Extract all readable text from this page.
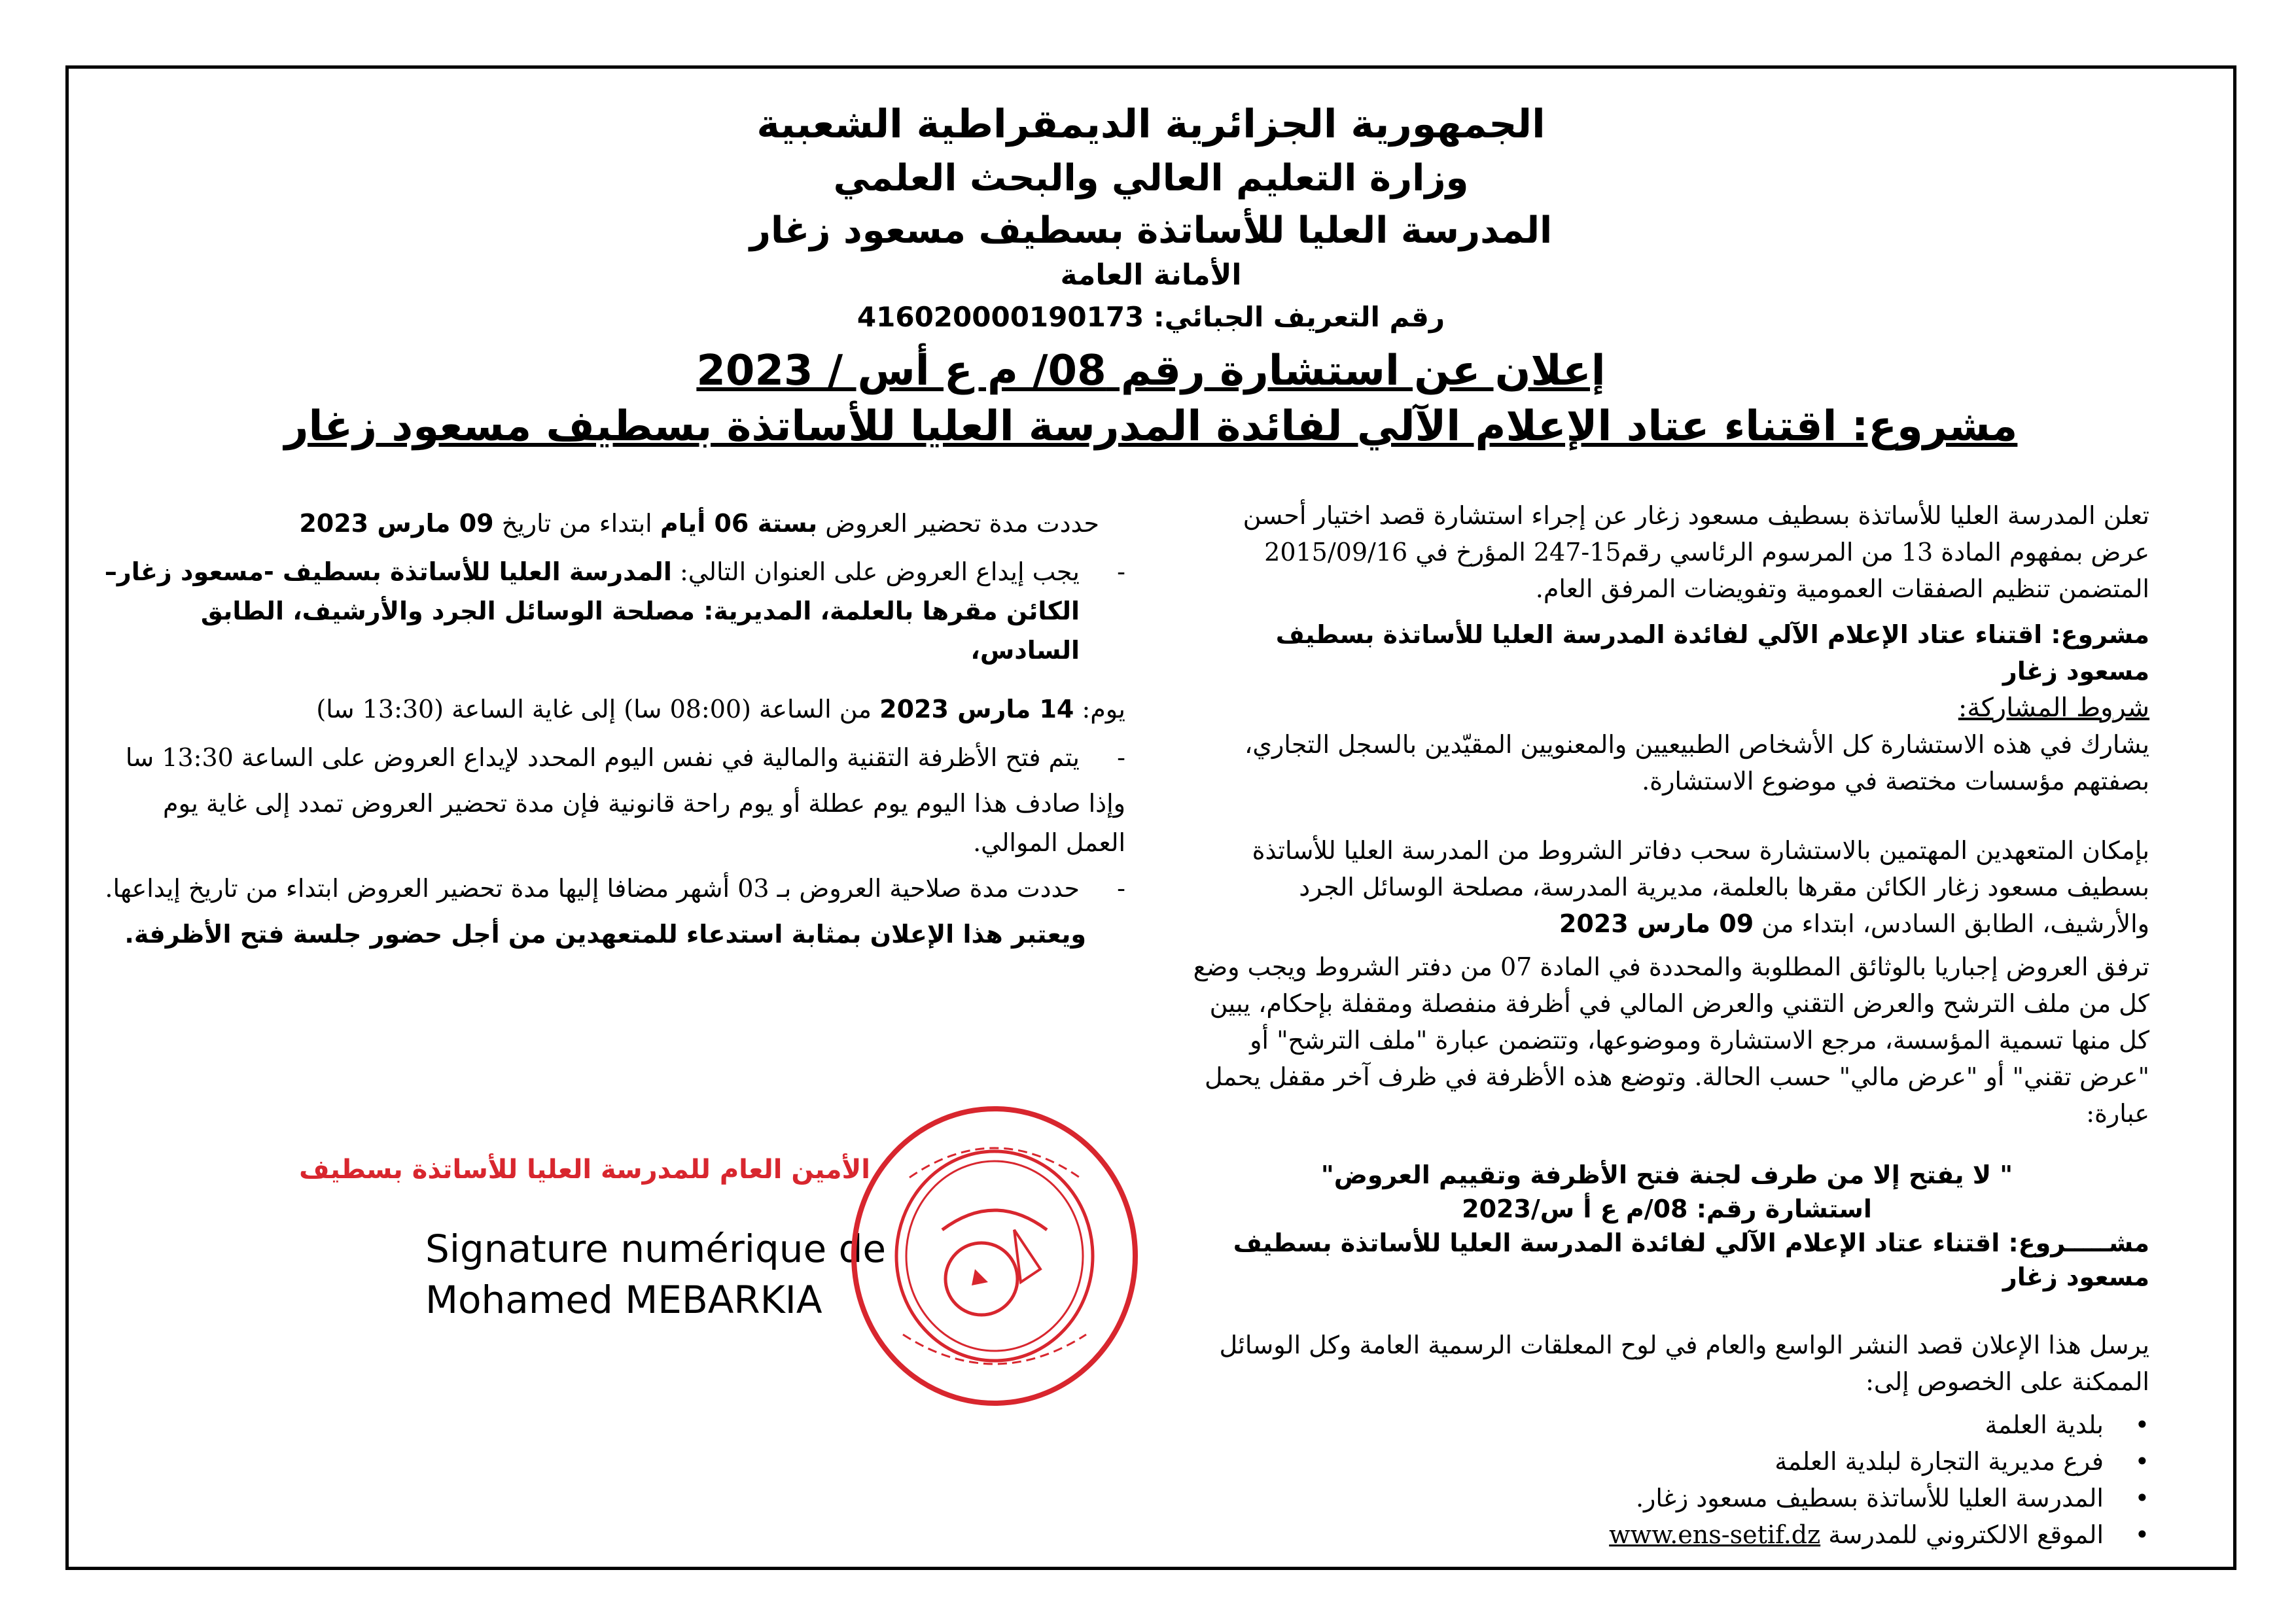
الجمهورية الجزائرية الديمقراطية الشعبية
وزارة التعليم العالي والبحث العلمي
المدرسة العليا للأساتذة بسطيف مسعود زغار
الأمانة العامة
رقم التعريف الجبائي: 416020000190173
إعلان عن استشارة رقم 08/ م ع أس / 2023
مشروع: اقتناء عتاد الإعلام الآلي لفائدة المدرسة العليا للأساتذة بسطيف مسعود زغار

تعلن المدرسة العليا للأساتذة بسطيف مسعود زغار عن إجراء استشارة قصد اختيار أحسن عرض بمفهوم المادة 13 من المرسوم الرئاسي رقم15-247 المؤرخ في 2015/09/16 المتضمن تنظيم الصفقات العمومية وتفويضات المرفق العام.

مشروع: اقتناء عتاد الإعلام الآلي لفائدة المدرسة العليا للأساتذة بسطيف مسعود زغار

شروط المشاركة:

يشارك في هذه الاستشارة كل الأشخاص الطبيعيين والمعنويين المقيّدين بالسجل التجاري، بصفتهم مؤسسات مختصة في موضوع الاستشارة.

بإمكان المتعهدين المهتمين بالاستشارة سحب دفاتر الشروط من المدرسة العليا للأساتذة بسطيف مسعود زغار الكائن مقرها بالعلمة، مديرية المدرسة، مصلحة الوسائل الجرد والأرشيف، الطابق السادس، ابتداء من 09 مارس 2023

ترفق العروض إجباريا بالوثائق المطلوبة والمحددة في المادة 07 من دفتر الشروط ويجب وضع كل من ملف الترشح والعرض التقني والعرض المالي في أظرفة منفصلة ومقفلة بإحكام، يبين كل منها تسمية المؤسسة، مرجع الاستشارة وموضوعها، وتتضمن عبارة "ملف الترشح" أو "عرض تقني" أو "عرض مالي" حسب الحالة. وتوضع هذه الأظرفة في ظرف آخر مقفل يحمل عبارة:

" لا يفتح إلا من طرف لجنة فتح الأظرفة وتقييم العروض"

استشارة رقم: 08/م ع أ س/2023

مشـــــروع: اقتناء عتاد الإعلام الآلي لفائدة المدرسة العليا للأساتذة بسطيف مسعود زغار

يرسل هذا الإعلان قصد النشر الواسع والعام في لوح المعلقات الرسمية العامة وكل الوسائل الممكنة على الخصوص إلى:

•
بلدية العلمة
•
فرع مديرية التجارة لبلدية العلمة
•
المدرسة العليا للأساتذة بسطيف مسعود زغار.
•
الموقع الالكتروني للمدرسة www.ens-setif.dz

حددت مدة تحضير العروض بستة 06 أيام ابتداء من تاريخ 09 مارس 2023

-
يجب إيداع العروض على العنوان التالي: المدرسة العليا للأساتذة بسطيف -مسعود زغار– الكائن مقرها بالعلمة، المديرية: مصلحة الوسائل الجرد والأرشيف، الطابق السادس،

يوم: 14 مارس 2023 من الساعة (08:00 سا) إلى غاية الساعة (13:30 سا)

-
يتم فتح الأظرفة التقنية والمالية في نفس اليوم المحدد لإيداع العروض على الساعة 13:30 سا

وإذا صادف هذا اليوم يوم عطلة أو يوم راحة قانونية فإن مدة تحضير العروض تمدد إلى غاية يوم العمل الموالي.

-
حددت مدة صلاحية العروض بـ 03 أشهر مضافا إليها مدة تحضير العروض ابتداء من تاريخ إيداعها.

ويعتبر هذا الإعلان بمثابة استدعاء للمتعهدين من أجل حضور جلسة فتح الأظرفة.

الأمين العام للمدرسة العليا للأساتذة بسطيف
Signature numérique de
Mohamed MEBARKIA
